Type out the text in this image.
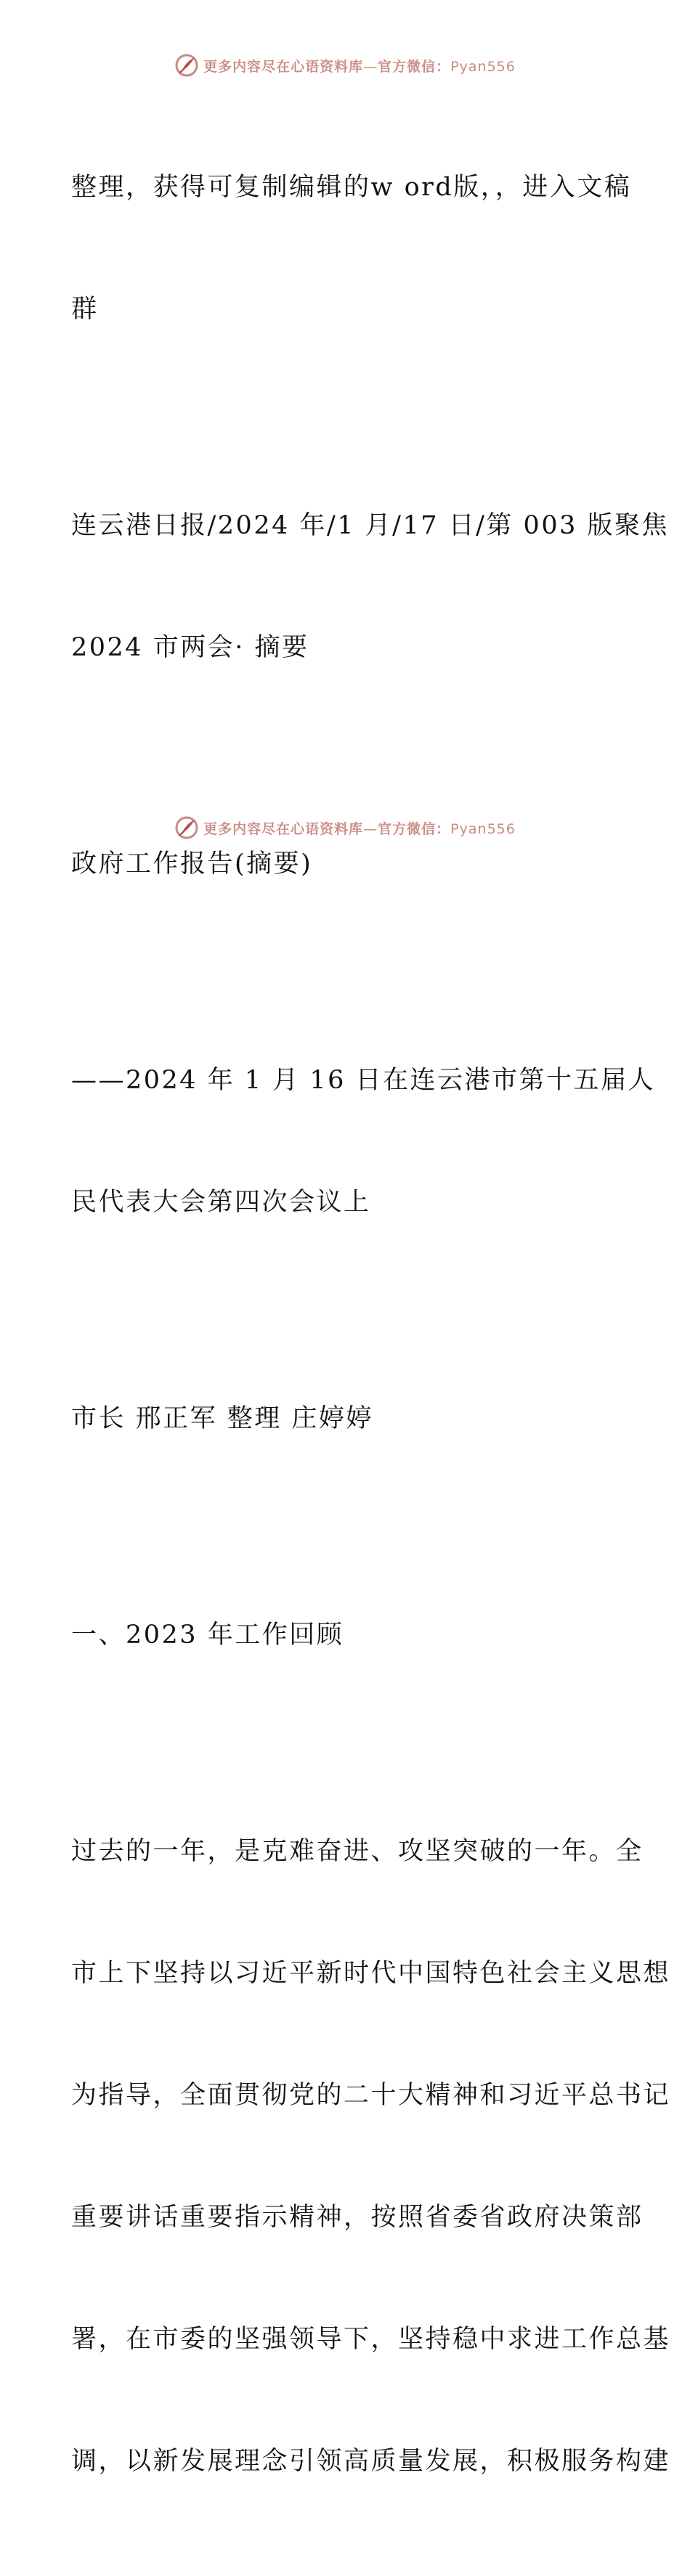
更多内容尽在心语资料库—官方微信：Pyan556

整理，获得可复制编辑的w ord版，，进入文稿

群

连云港日报/2024 年/1 月/17 日/第 003 版聚焦

2024 市两会· 摘要

政府工作报告(摘要)

——2024 年 1 月 16 日在连云港市第十五届人

民代表大会第四次会议上

市长 邢正军 整理 庄婷婷

一、2023 年工作回顾

过去的一年，是克难奋进、攻坚突破的一年。全

市上下坚持以习近平新时代中国特色社会主义思想

为指导，全面贯彻党的二十大精神和习近平总书记

重要讲话重要指示精神，按照省委省政府决策部

署，在市委的坚强领导下，坚持稳中求进工作总基

调，以新发展理念引领高质量发展，积极服务构建

更多内容尽在心语资料库—官方微信：Pyan556
